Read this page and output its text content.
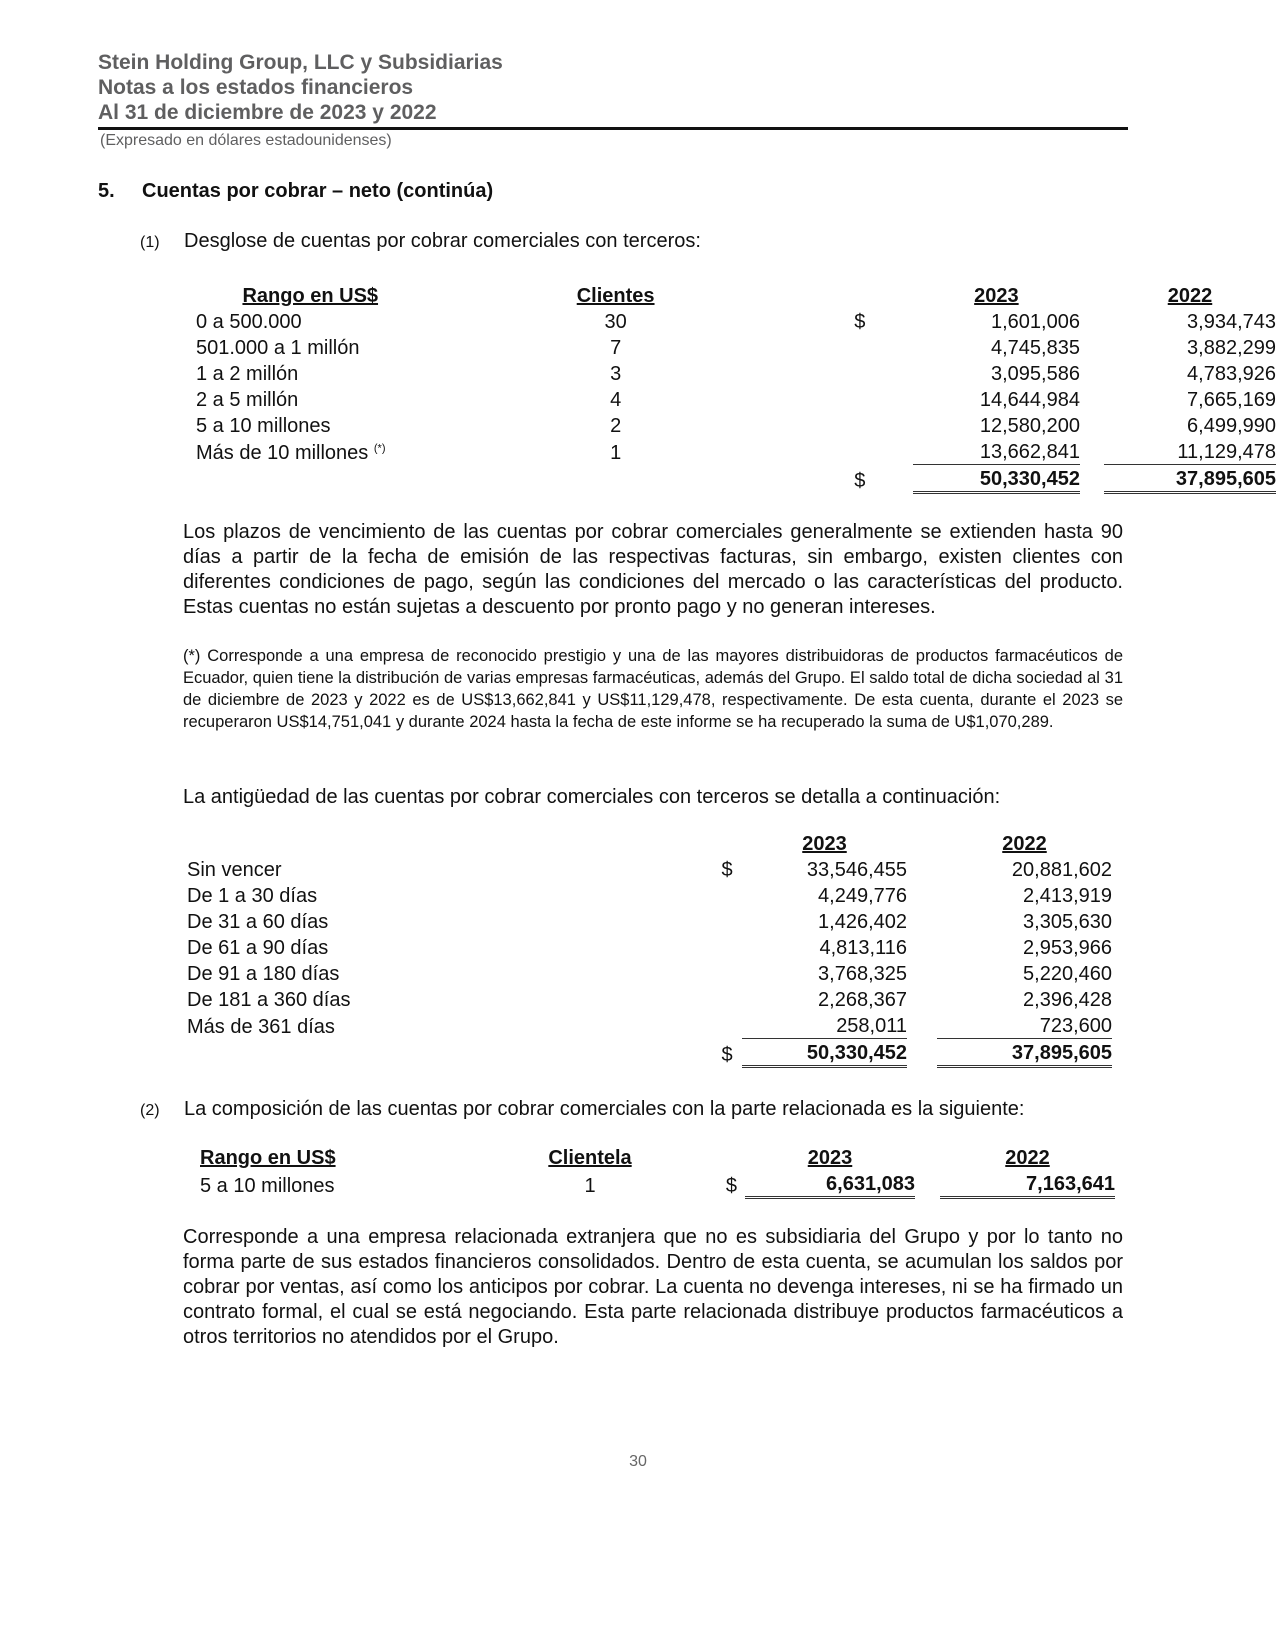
Stein Holding Group, LLC y Subsidiarias
Notas a los estados financieros
Al 31 de diciembre de 2023 y 2022
(Expresado en dólares estadounidenses)
5. Cuentas por cobrar – neto (continúa)
(1) Desglose de cuentas por cobrar comerciales con terceros:
Rango en US$	Clientes		2023		2022
0 a 500.000	30	$	1,601,006		3,934,743
501.000 a 1 millón	7		4,745,835		3,882,299
1 a 2 millón	3		3,095,586		4,783,926
2 a 5 millón	4		14,644,984		7,665,169
5 a 10 millones	2		12,580,200		6,499,990
Más de 10 millones (*)	1		13,662,841		11,129,478
		$	50,330,452		37,895,605
Los plazos de vencimiento de las cuentas por cobrar comerciales generalmente se extienden hasta 90 días a partir de la fecha de emisión de las respectivas facturas, sin embargo, existen clientes con diferentes condiciones de pago, según las condiciones del mercado o las características del producto. Estas cuentas no están sujetas a descuento por pronto pago y no generan intereses.
(*) Corresponde a una empresa de reconocido prestigio y una de las mayores distribuidoras de productos farmacéuticos de Ecuador, quien tiene la distribución de varias empresas farmacéuticas, además del Grupo. El saldo total de dicha sociedad al 31 de diciembre de 2023 y 2022 es de US$13,662,841 y US$11,129,478, respectivamente. De esta cuenta, durante el 2023 se recuperaron US$14,751,041 y durante 2024 hasta la fecha de este informe se ha recuperado la suma de U$1,070,289.
La antigüedad de las cuentas por cobrar comerciales con terceros se detalla a continuación:
		2023		2022
Sin vencer	$	33,546,455		20,881,602
De 1 a 30 días		4,249,776		2,413,919
De 31 a 60 días		1,426,402		3,305,630
De 61 a 90 días		4,813,116		2,953,966
De 91 a 180 días		3,768,325		5,220,460
De 181 a 360 días		2,268,367		2,396,428
Más de 361 días		258,011		723,600
	$	50,330,452		37,895,605
(2) La composición de las cuentas por cobrar comerciales con la parte relacionada es la siguiente:
Rango en US$	Clientela		2023		2022
5 a 10 millones	1	$	6,631,083		7,163,641
Corresponde a una empresa relacionada extranjera que no es subsidiaria del Grupo y por lo tanto no forma parte de sus estados financieros consolidados. Dentro de esta cuenta, se acumulan los saldos por cobrar por ventas, así como los anticipos por cobrar. La cuenta no devenga intereses, ni se ha firmado un contrato formal, el cual se está negociando. Esta parte relacionada distribuye productos farmacéuticos a otros territorios no atendidos por el Grupo.
30
